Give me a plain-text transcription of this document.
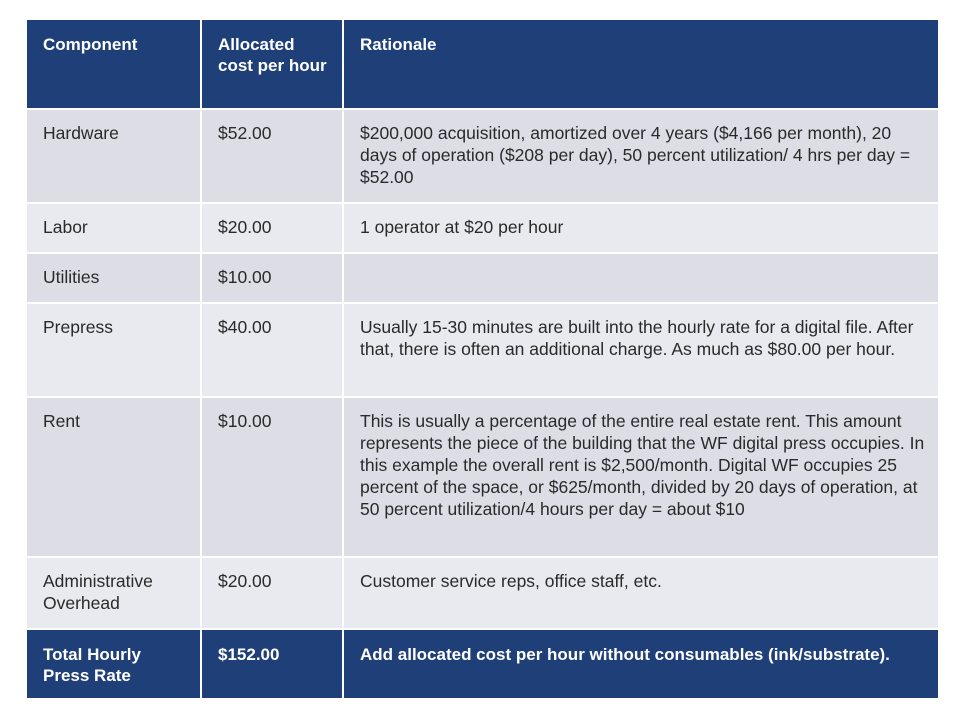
Component	Allocated cost per hour	Rationale
Hardware	$52.00	$200,000 acquisition, amortized over 4 years ($4,166 per month), 20 days of operation ($208 per day), 50 percent utilization/ 4 hrs per day = $52.00
Labor	$20.00	1 operator at $20 per hour
Utilities	$10.00	
Prepress	$40.00	Usually 15-30 minutes are built into the hourly rate for a digital file. After that, there is often an additional charge. As much as $80.00 per hour.
Rent	$10.00	This is usually a percentage of the entire real estate rent. This amount represents the piece of the building that the WF digital press occupies. In this example the overall rent is $2,500/month. Digital WF occupies 25 percent of the space, or $625/month, divided by 20 days of operation, at 50 percent utilization/4 hours per day = about $10
Administrative Overhead	$20.00	Customer service reps, office staff, etc.
Total Hourly Press Rate	$152.00	Add allocated cost per hour without consumables (ink/substrate).
